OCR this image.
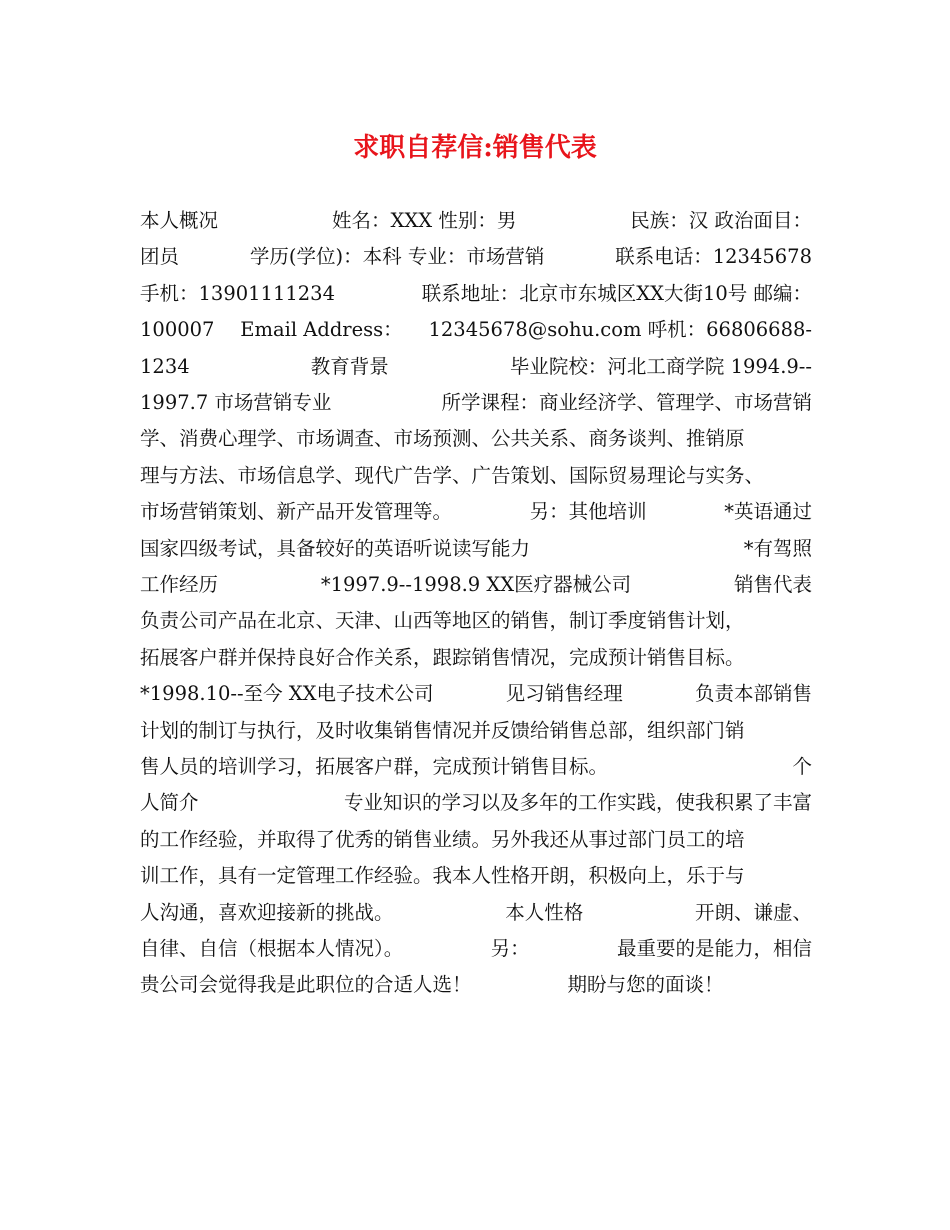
求职自荐信:销售代表
本人概况	姓名：XXX 性别：男	民族：汉 政治面目：
团员	学历(学位)：本科 专业：市场营销	联系电话：12345678
手机：13901111234	联系地址：北京市东城区XX大街10号 邮编：
100007 Email Address： 12345678@sohu.com 呼机：66806688-
1234	教育背景	毕业院校：河北工商学院 1994.9--
1997.7 市场营销专业	所学课程：商业经济学、管理学、市场营销
学、消费心理学、市场调查、市场预测、公共关系、商务谈判、推销原
理与方法、市场信息学、现代广告学、广告策划、国际贸易理论与实务、
市场营销策划、新产品开发管理等。	另：其他培训	*英语通过
国家四级考试，具备较好的英语听说读写能力	*有驾照
工作经历	*1997.9--1998.9 XX医疗器械公司	销售代表
负责公司产品在北京、天津、山西等地区的销售，制订季度销售计划，
拓展客户群并保持良好合作关系，跟踪销售情况，完成预计销售目标。
*1998.10--至今 XX电子技术公司	见习销售经理	负责本部销售
计划的制订与执行，及时收集销售情况并反馈给销售总部，组织部门销
售人员的培训学习，拓展客户群，完成预计销售目标。	个
人简介	专业知识的学习以及多年的工作实践，使我积累了丰富
的工作经验，并取得了优秀的销售业绩。另外我还从事过部门员工的培
训工作，具有一定管理工作经验。我本人性格开朗，积极向上，乐于与
人沟通，喜欢迎接新的挑战。	本人性格	开朗、谦虚、
自律、自信（根据本人情况）。	另：	最重要的是能力，相信
贵公司会觉得我是此职位的合适人选！	期盼与您的面谈！
